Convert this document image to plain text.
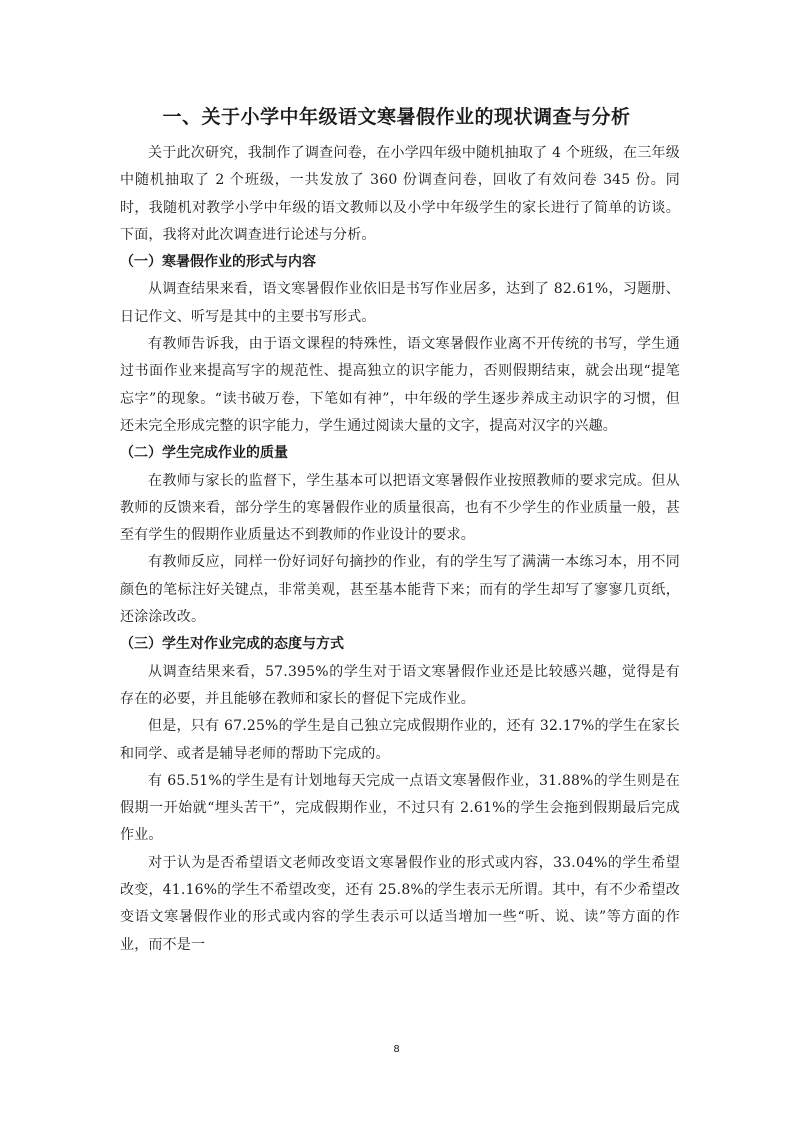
一、关于小学中年级语文寒暑假作业的现状调查与分析

关于此次研究，我制作了调查问卷，在小学四年级中随机抽取了 4 个班级，在三年级中随机抽取了 2 个班级，一共发放了 360 份调查问卷，回收了有效问卷 345 份。同时，我随机对教学小学中年级的语文教师以及小学中年级学生的家长进行了简单的访谈。下面，我将对此次调查进行论述与分析。

（一）寒暑假作业的形式与内容

从调查结果来看，语文寒暑假作业依旧是书写作业居多，达到了 82.61%，习题册、日记作文、听写是其中的主要书写形式。

有教师告诉我，由于语文课程的特殊性，语文寒暑假作业离不开传统的书写，学生通过书面作业来提高写字的规范性、提高独立的识字能力，否则假期结束，就会出现“提笔忘字”的现象。“读书破万卷，下笔如有神”，中年级的学生逐步养成主动识字的习惯，但还未完全形成完整的识字能力，学生通过阅读大量的文字，提高对汉字的兴趣。

（二）学生完成作业的质量

在教师与家长的监督下，学生基本可以把语文寒暑假作业按照教师的要求完成。但从教师的反馈来看，部分学生的寒暑假作业的质量很高，也有不少学生的作业质量一般，甚至有学生的假期作业质量达不到教师的作业设计的要求。

有教师反应，同样一份好词好句摘抄的作业，有的学生写了满满一本练习本，用不同颜色的笔标注好关键点，非常美观，甚至基本能背下来；而有的学生却写了寥寥几页纸，还涂涂改改。

（三）学生对作业完成的态度与方式

从调查结果来看，57.395%的学生对于语文寒暑假作业还是比较感兴趣，觉得是有存在的必要，并且能够在教师和家长的督促下完成作业。

但是，只有 67.25%的学生是自己独立完成假期作业的，还有 32.17%的学生在家长和同学、或者是辅导老师的帮助下完成的。

有 65.51%的学生是有计划地每天完成一点语文寒暑假作业，31.88%的学生则是在假期一开始就“埋头苦干”，完成假期作业，不过只有 2.61%的学生会拖到假期最后完成作业。

对于认为是否希望语文老师改变语文寒暑假作业的形式或内容，33.04%的学生希望改变，41.16%的学生不希望改变，还有 25.8%的学生表示无所谓。其中，有不少希望改变语文寒暑假作业的形式或内容的学生表示可以适当增加一些“听、说、读”等方面的作业，而不是一

8
